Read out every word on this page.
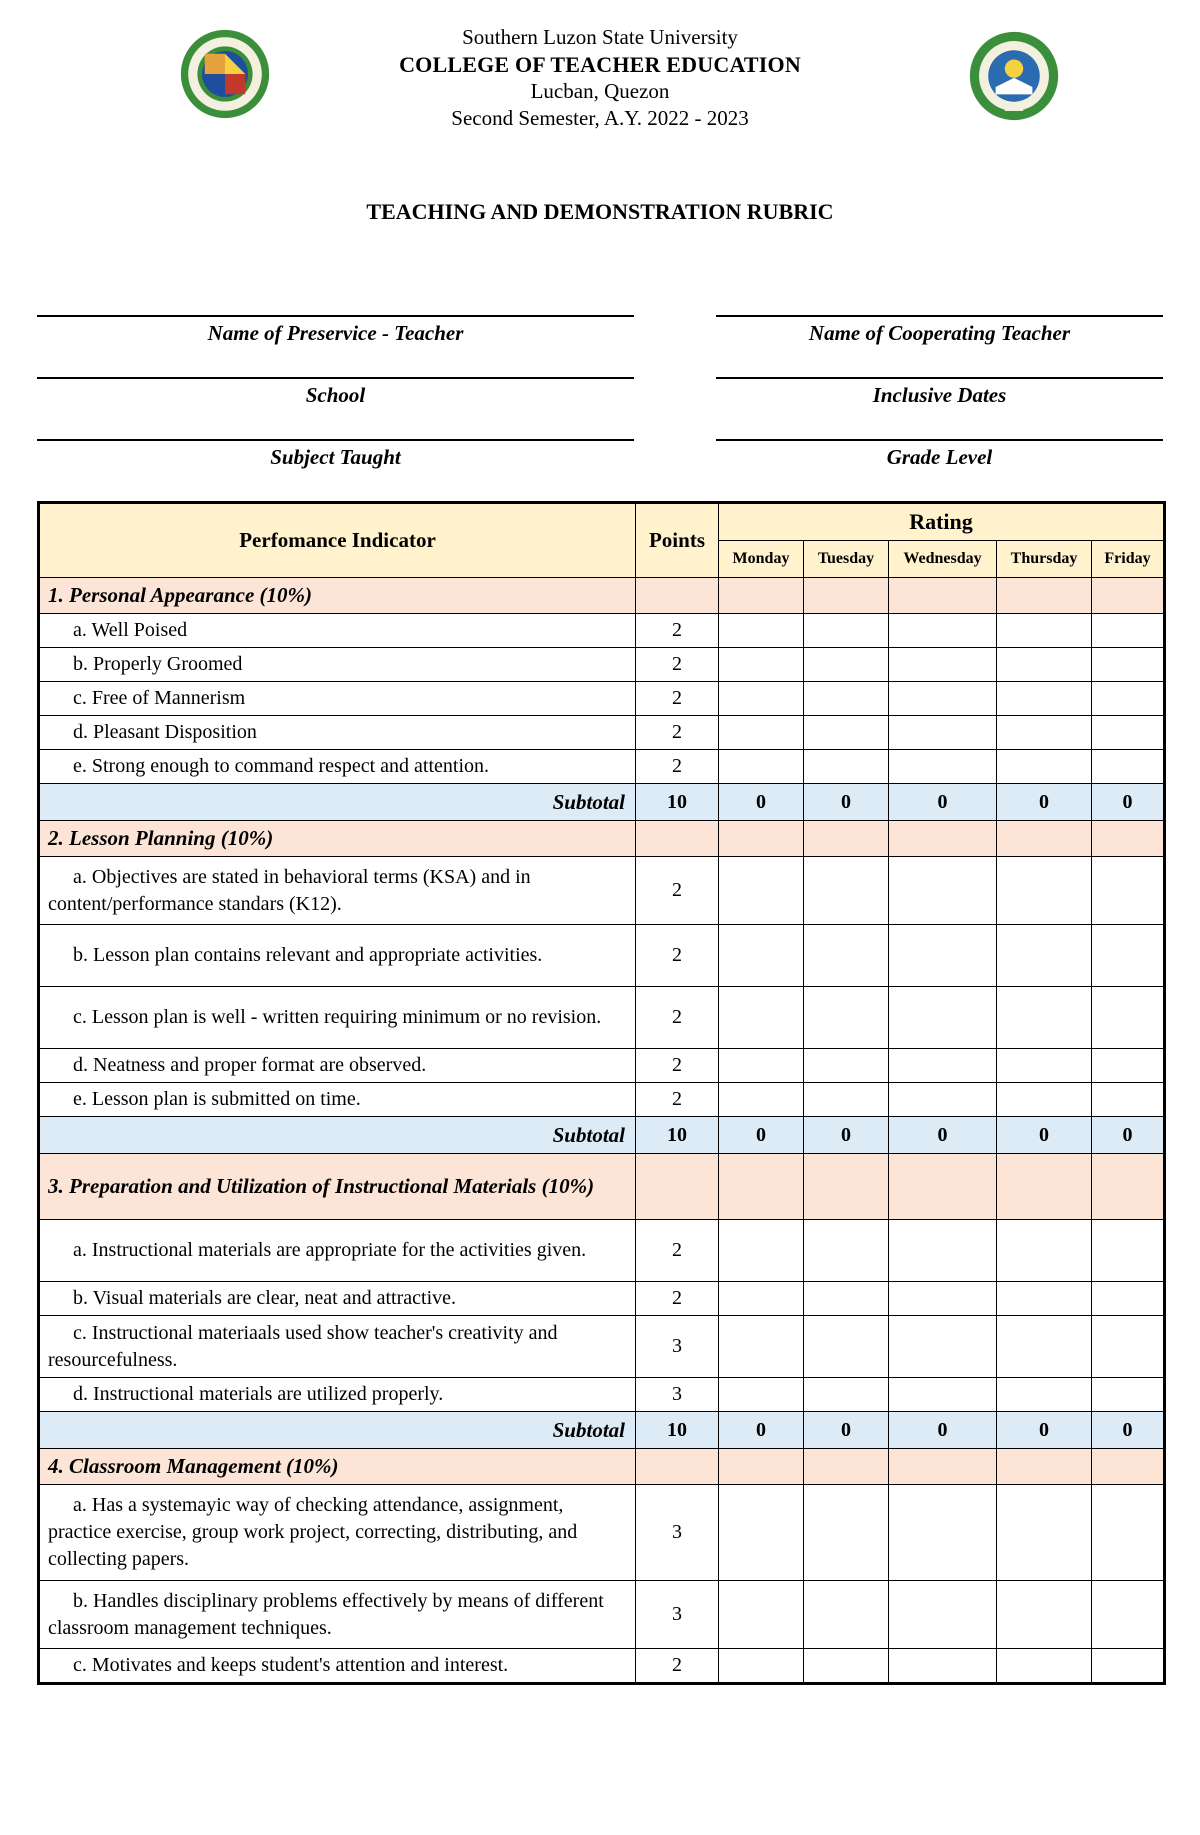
Southern Luzon State University
COLLEGE OF TEACHER EDUCATION
Lucban, Quezon
Second Semester, A.Y. 2022 - 2023
TEACHING AND DEMONSTRATION RUBRIC
Name of Preservice - Teacher	Name of Cooperating Teacher
School	Inclusive Dates
Subject Taught	Grade Level
Perfomance Indicator	Points	Rating				
		Monday	Tuesday	Wednesday	Thursday	Friday
1. Personal Appearance (10%)						
a. Well Poised	2					
b. Properly Groomed	2					
c. Free of Mannerism	2					
d. Pleasant Disposition	2					
e. Strong enough to command respect and attention.	2					
Subtotal	10	0	0	0	0	0
2. Lesson Planning (10%)						
a. Objectives are stated in behavioral terms (KSA) and in content/performance standars (K12).	2					
b. Lesson plan contains relevant and appropriate activities.	2					
c. Lesson plan is well - written requiring minimum or no revision.	2					
d. Neatness and proper format are observed.	2					
e. Lesson plan is submitted on time.	2					
Subtotal	10	0	0	0	0	0
3. Preparation and Utilization of Instructional Materials (10%)						
a. Instructional materials are appropriate for the activities given.	2					
b. Visual materials are clear, neat and attractive.	2					
c. Instructional materiaals used show teacher's creativity and resourcefulness.	3					
d. Instructional materials are utilized properly.	3					
Subtotal	10	0	0	0	0	0
4. Classroom Management (10%)						
a. Has a systemayic way of checking attendance, assignment, practice exercise, group work project, correcting, distributing, and collecting papers.	3					
b. Handles disciplinary problems effectively by means of different classroom management techniques.	3					
c. Motivates and keeps student's attention and interest.	2					
